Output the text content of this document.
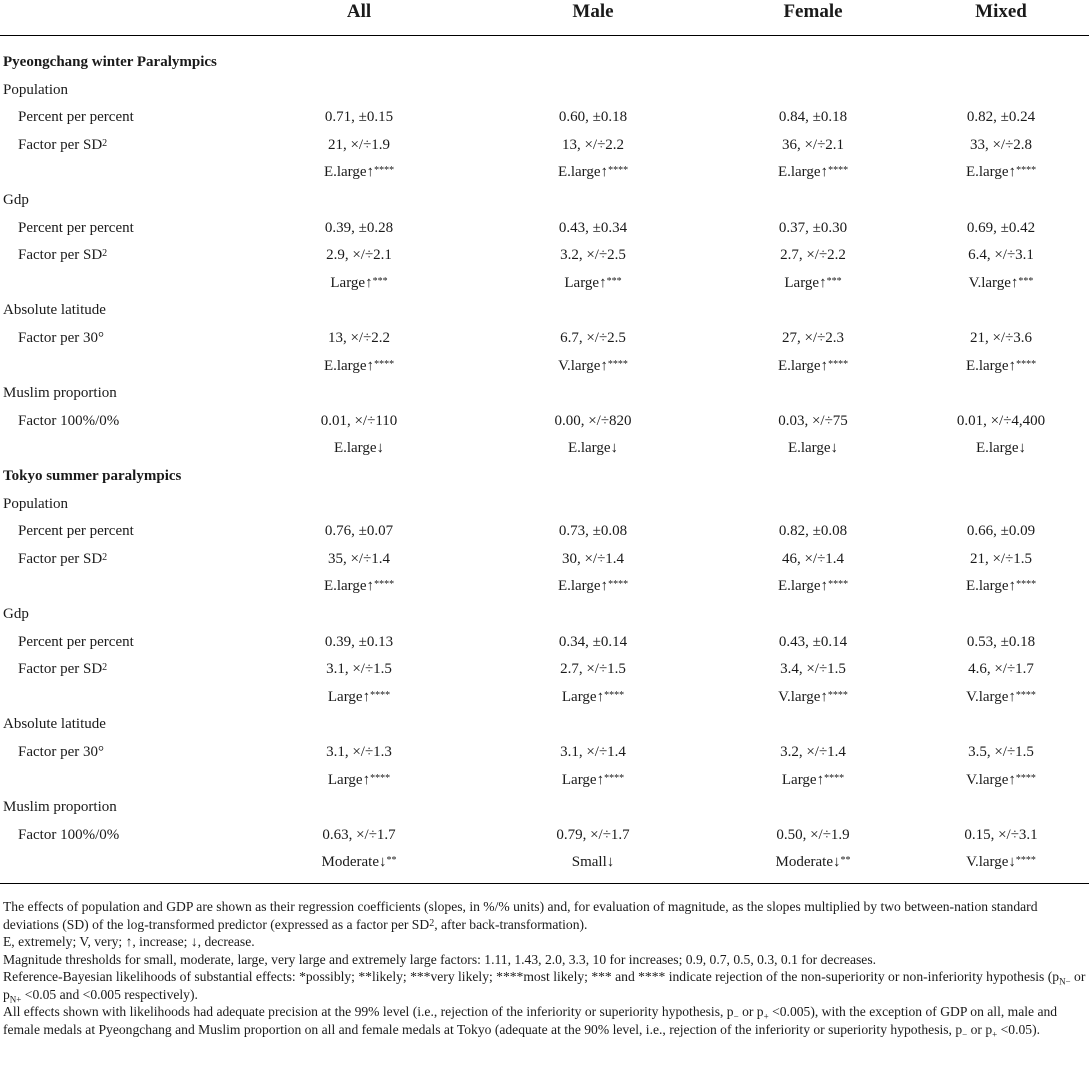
All	Male	Female	Mixed
Pyeongchang winter Paralympics
Population
Percent per percent	0.71, ±0.15	0.60, ±0.18	0.84, ±0.18	0.82, ±0.24
Factor per $SD^2$	21, ×/÷1.9	13, ×/÷2.2	36, ×/÷2.1	33, ×/÷2.8
E.large↑****	E.large↑****	E.large↑****	E.large↑****
Gdp
Percent per percent	0.39, ±0.28	0.43, ±0.34	0.37, ±0.30	0.69, ±0.42
Factor per $SD^2$	2.9, ×/÷2.1	3.2, ×/÷2.5	2.7, ×/÷2.2	6.4, ×/÷3.1
Large↑***	Large↑***	Large↑***	V.large↑***
Absolute latitude
Factor per 30°	13, ×/÷2.2	6.7, ×/÷2.5	27, ×/÷2.3	21, ×/÷3.6
E.large↑****	V.large↑****	E.large↑****	E.large↑****
Muslim proportion
Factor 100%/0%	0.01, ×/÷110	0.00, ×/÷820	0.03, ×/÷75	0.01, ×/÷4,400
E.large↓	E.large↓	E.large↓	E.large↓
Tokyo summer paralympics
Population
Percent per percent	0.76, ±0.07	0.73, ±0.08	0.82, ±0.08	0.66, ±0.09
Factor per $SD^2$	35, ×/÷1.4	30, ×/÷1.4	46, ×/÷1.4	21, ×/÷1.5
E.large↑****	E.large↑****	E.large↑****	E.large↑****
Gdp
Percent per percent	0.39, ±0.13	0.34, ±0.14	0.43, ±0.14	0.53, ±0.18
Factor per $SD^2$	3.1, ×/÷1.5	2.7, ×/÷1.5	3.4, ×/÷1.5	4.6, ×/÷1.7
Large↑****	Large↑****	V.large↑****	V.large↑****
Absolute latitude
Factor per 30°	3.1, ×/÷1.3	3.1, ×/÷1.4	3.2, ×/÷1.4	3.5, ×/÷1.5
Large↑****	Large↑****	Large↑****	V.large↑****
Muslim proportion
Factor 100%/0%	0.63, ×/÷1.7	0.79, ×/÷1.7	0.50, ×/÷1.9	0.15, ×/÷3.1
Moderate↓**	Small↓	Moderate↓**	V.large↓****

The effects of population and GDP are shown as their regression coefficients (slopes, in %/% units) and, for evaluation of magnitude, as the slopes multiplied by two between-nation standard deviations (SD) of the log-transformed predictor (expressed as a factor per $SD^2$, after back-transformation).

E, extremely; V, very; ↑, increase; ↓, decrease.

Magnitude thresholds for small, moderate, large, very large and extremely large factors: 1.11, 1.43, 2.0, 3.3, 10 for increases; 0.9, 0.7, 0.5, 0.3, 0.1 for decreases.

Reference-Bayesian likelihoods of substantial effects: *possibly; **likely; ***very likely; ****most likely; *** and **** indicate rejection of the non-superiority or non-inferiority hypothesis ($p_{N-}$ or $p_{N+} <0.05$ and <0.005 respectively).

All effects shown with likelihoods had adequate precision at the 99% level (i.e., rejection of the inferiority or superiority hypothesis, $p_-$ or $p_+ <0.005$), with the exception of GDP on all, male and female medals at Pyeongchang and Muslim proportion on all and female medals at Tokyo (adequate at the 90% level, i.e., rejection of the inferiority or superiority hypothesis, $p_-$ or $p_+ <0.05$).
